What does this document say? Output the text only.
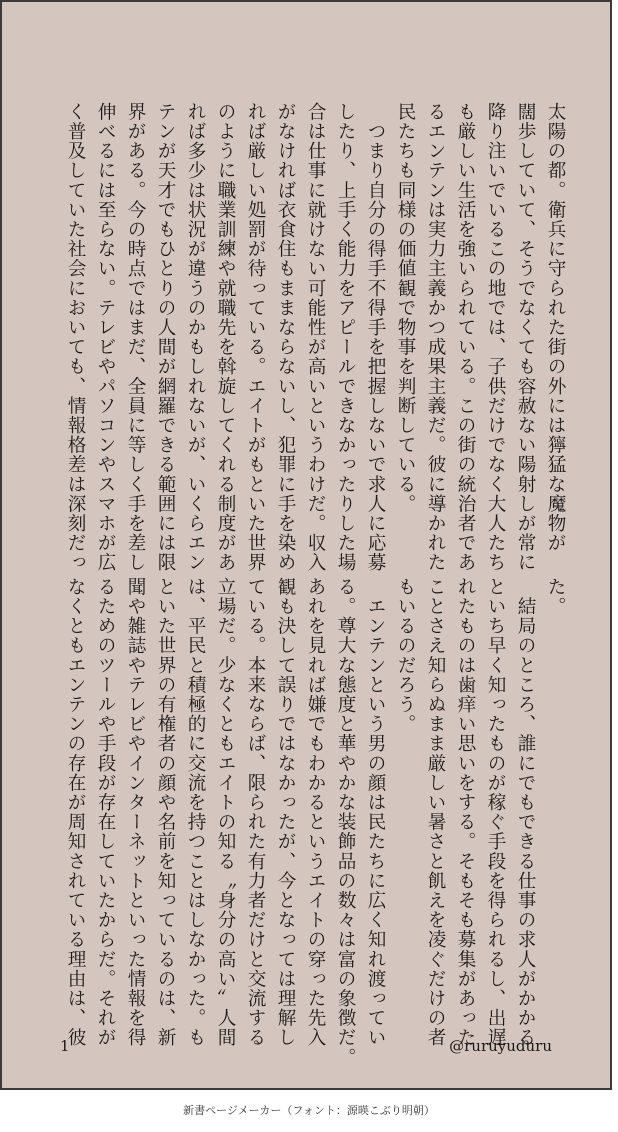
太陽の都。衛兵に守られた街の外には獰猛な魔物が
闊歩していて、そうでなくても容赦ない陽射しが常に
降り注いでいるこの地では、子供だけでなく大人たち
も厳しい生活を強いられている。この街の統治者であ
るエンテンは実力主義かつ成果主義だ。彼に導かれた
民たちも同様の価値観で物事を判断している。
　つまり自分の得手不得手を把握しないで求人に応募
したり、上手く能力をアピールできなかったりした場
合は仕事に就けない可能性が高いというわけだ。収入
がなければ衣食住もままならないし、犯罪に手を染め
れば厳しい処罰が待っている。エイトがもといた世界
のように職業訓練や就職先を斡旋してくれる制度があ
れば多少は状況が違うのかもしれないが、いくらエン
テンが天才でもひとりの人間が網羅できる範囲には限
界がある。今の時点ではまだ、全員に等しく手を差し
伸べるには至らない。テレビやパソコンやスマホが広
く普及していた社会においても、情報格差は深刻だっ
た。
　結局のところ、誰にでもできる仕事の求人がかかる
といち早く知ったものが稼ぐ手段を得られるし、出遅
れたものは歯痒い思いをする。そもそも募集があった
ことさえ知らぬまま厳しい暑さと飢えを凌ぐだけの者
もいるのだろう。
　エンテンという男の顔は民たちに広く知れ渡ってい
る。尊大な態度と華やかな装飾品の数々は富の象徴だ。
あれを見れば嫌でもわかるというエイトの穿った先入
観も決して誤りではなかったが、今となっては理解し
ている。本来ならば、限られた有力者だけと交流する
立場だ。少なくともエイトの知る〝身分の高い〟人間
は、平民と積極的に交流を持つことはしなかった。も
といた世界の有権者の顔や名前を知っているのは、新
聞や雑誌やテレビやインターネットといった情報を得
るためのツールや手段が存在していたからだ。それが
なくともエンテンの存在が周知されている理由は、彼
1	@ruruyuduru
新書ページメーカー（フォント：源暎こぶり明朝）
